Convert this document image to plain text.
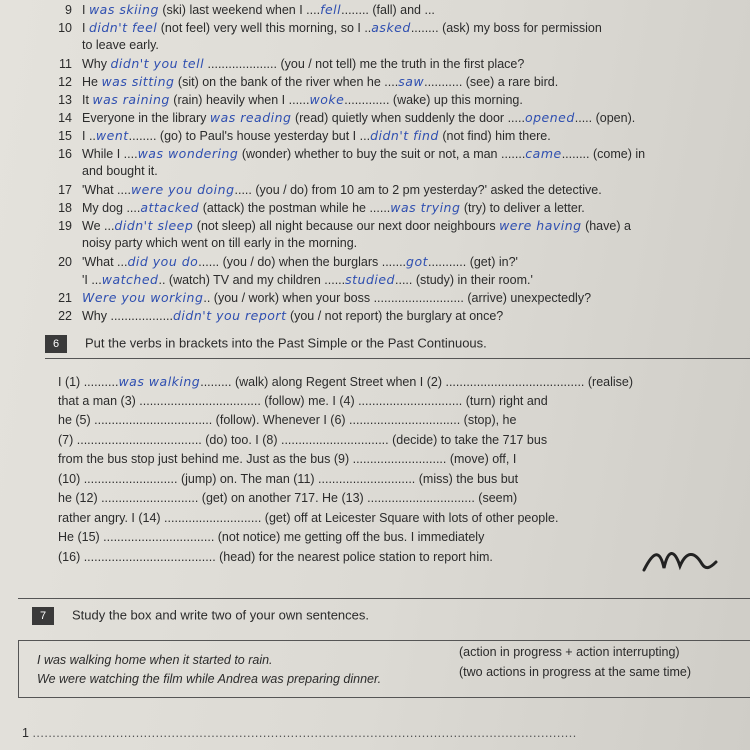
9 I was skiing (ski) last weekend when I ....fell........ (fall) and ...
10 I didn't feel (not feel) very well this morning, so I ..asked........ (ask) my boss for permission
to leave early.
11 Why didn't you tell .................... (you / not tell) me the truth in the first place?
12 He was sitting (sit) on the bank of the river when he ....saw........... (see) a rare bird.
13 It was raining (rain) heavily when I ......woke............. (wake) up this morning.
14 Everyone in the library was reading (read) quietly when suddenly the door .....opened..... (open).
15 I ..went........ (go) to Paul's house yesterday but I ...didn't find (not find) him there.
16 While I ....was wondering (wonder) whether to buy the suit or not, a man .......came........ (come) in
and bought it.
17 'What ....were you doing..... (you / do) from 10 am to 2 pm yesterday?' asked the detective.
18 My dog ....attacked (attack) the postman while he ......was trying (try) to deliver a letter.
19 We ...didn't sleep (not sleep) all night because our next door neighbours were having (have) a
noisy party which went on till early in the morning.
20 'What ...did you do...... (you / do) when the burglars .......got........... (get) in?'
'I ...watched.. (watch) TV and my children ......studied..... (study) in their room.'
21 Were you working.. (you / work) when your boss .......................... (arrive) unexpectedly?
22 Why ..................didn't you report (you / not report) the burglary at once?
6 Put the verbs in brackets into the Past Simple or the Past Continuous.
I (1) ..........was walking......... (walk) along Regent Street when I (2) ........................................ (realise)
that a man (3) ................................... (follow) me. I (4) .............................. (turn) right and
he (5) .................................. (follow). Whenever I (6) ................................ (stop), he
(7) .................................... (do) too. I (8) ............................... (decide) to take the 717 bus
from the bus stop just behind me. Just as the bus (9) ........................... (move) off, I
(10) ........................... (jump) on. The man (11) ............................ (miss) the bus but
he (12) ............................ (get) on another 717. He (13) ............................... (seem)
rather angry. I (14) ............................ (get) off at Leicester Square with lots of other people.
He (15) ................................ (not notice) me getting off the bus. I immediately
(16) ...................................... (head) for the nearest police station to report him.
7 Study the box and write two of your own sentences.
I was walking home when it started to rain.
(action in progress + action interrupting)
We were watching the film while Andrea was preparing dinner.	(two actions in progress at the same time)
1 .........................................................................................................................................
